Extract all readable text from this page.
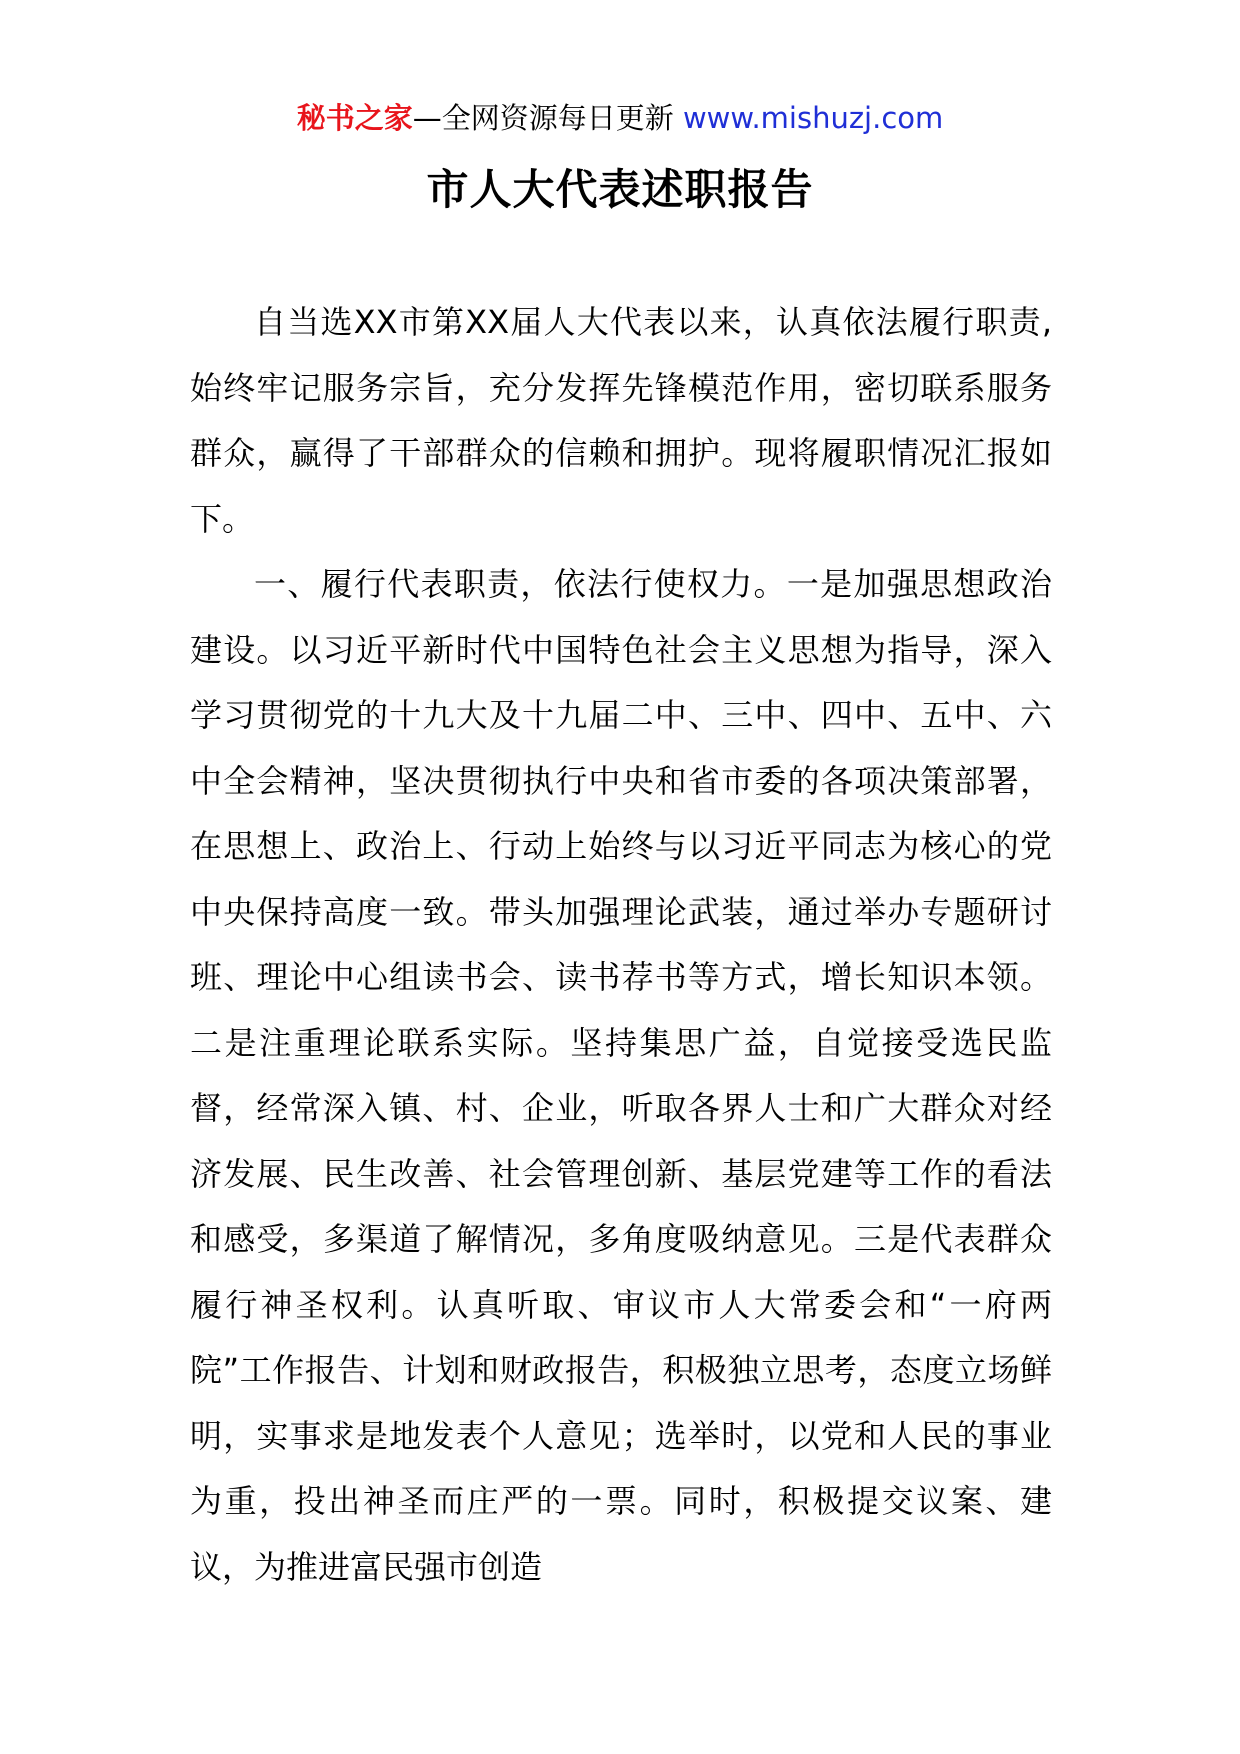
秘书之家—全网资源每日更新 www.mishuzj.com
市人大代表述职报告

自当选XX市第XX届人大代表以来，认真依法履行职责,始终牢记服务宗旨，充分发挥先锋模范作用，密切联系服务群众，赢得了干部群众的信赖和拥护。现将履职情况汇报如下。

一、履行代表职责，依法行使权力。一是加强思想政治建设。以习近平新时代中国特色社会主义思想为指导，深入学习贯彻党的十九大及十九届二中、三中、四中、五中、六中全会精神，坚决贯彻执行中央和省市委的各项决策部署，在思想上、政治上、行动上始终与以习近平同志为核心的党中央保持高度一致。带头加强理论武装，通过举办专题研讨班、理论中心组读书会、读书荐书等方式，增长知识本领。二是注重理论联系实际。坚持集思广益，自觉接受选民监督，经常深入镇、村、企业，听取各界人士和广大群众对经济发展、民生改善、社会管理创新、基层党建等工作的看法和感受，多渠道了解情况，多角度吸纳意见。三是代表群众履行神圣权利。认真听取、审议市人大常委会和“一府两院”工作报告、计划和财政报告，积极独立思考，态度立场鲜明，实事求是地发表个人意见；选举时，以党和人民的事业为重，投出神圣而庄严的一票。同时，积极提交议案、建议，为推进富民强市创造
